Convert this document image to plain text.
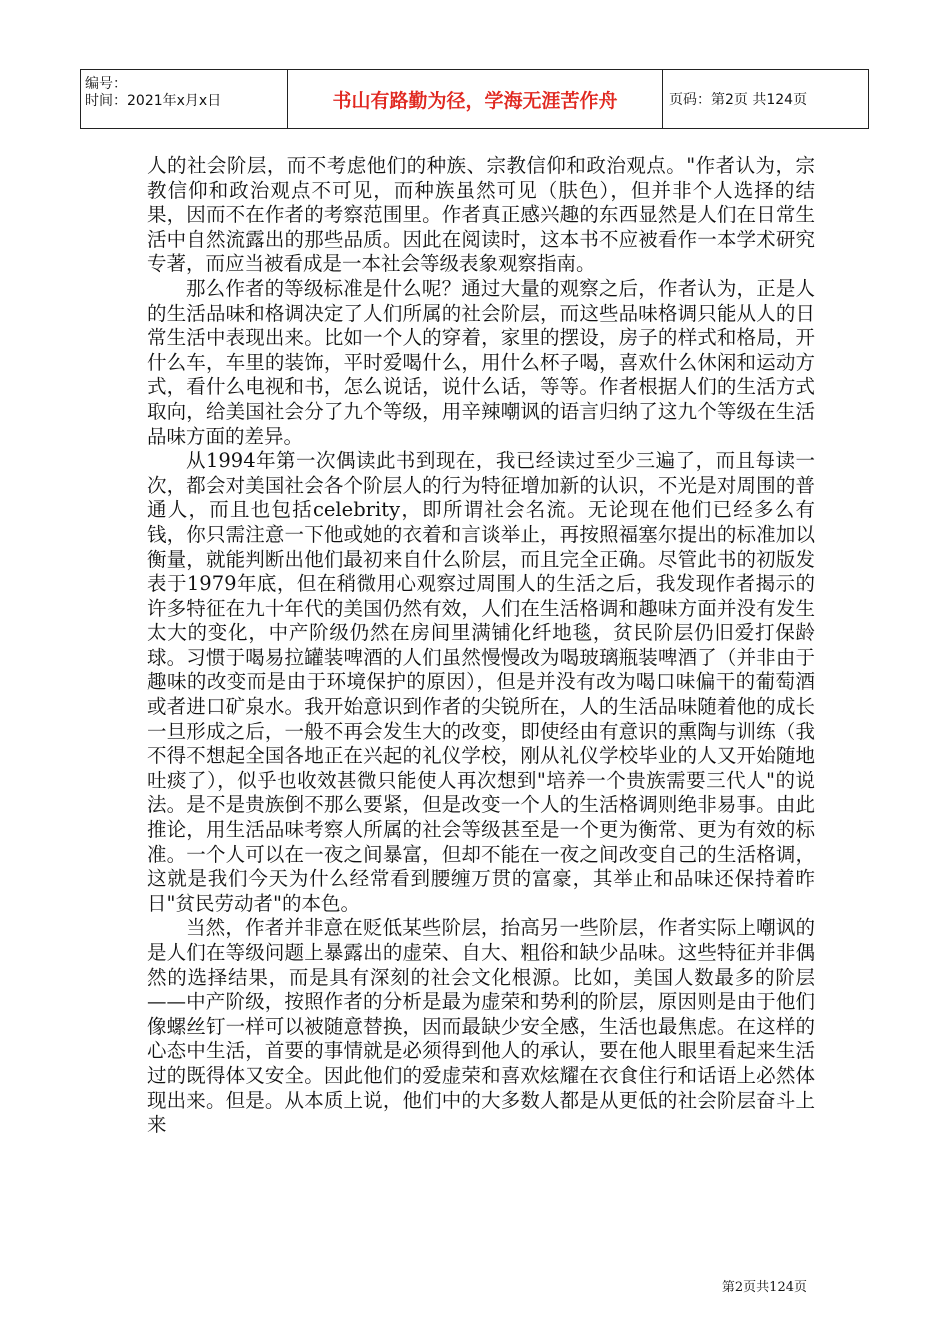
编号：
时间：2021年x月x日	书山有路勤为径，学海无涯苦作舟	页码：第2页 共124页

人的社会阶层，而不考虑他们的种族、宗教信仰和政治观点。"作者认为，宗教信仰和政治观点不可见，而种族虽然可见（肤色），但并非个人选择的结果，因而不在作者的考察范围里。作者真正感兴趣的东西显然是人们在日常生活中自然流露出的那些品质。因此在阅读时，这本书不应被看作一本学术研究专著，而应当被看成是一本社会等级表象观察指南。

那么作者的等级标准是什么呢？通过大量的观察之后，作者认为，正是人的生活品味和格调决定了人们所属的社会阶层，而这些品味格调只能从人的日常生活中表现出来。比如一个人的穿着，家里的摆设，房子的样式和格局，开什么车，车里的装饰，平时爱喝什么，用什么杯子喝，喜欢什么休闲和运动方式，看什么电视和书，怎么说话，说什么话，等等。作者根据人们的生活方式取向，给美国社会分了九个等级，用辛辣嘲讽的语言归纳了这九个等级在生活品味方面的差异。

从1994年第一次偶读此书到现在，我已经读过至少三遍了，而且每读一次，都会对美国社会各个阶层人的行为特征增加新的认识，不光是对周围的普通人，而且也包括celebrity，即所谓社会名流。无论现在他们已经多么有钱，你只需注意一下他或她的衣着和言谈举止，再按照福塞尔提出的标准加以衡量，就能判断出他们最初来自什么阶层，而且完全正确。尽管此书的初版发表于1979年底，但在稍微用心观察过周围人的生活之后，我发现作者揭示的许多特征在九十年代的美国仍然有效，人们在生活格调和趣味方面并没有发生太大的变化，中产阶级仍然在房间里满铺化纤地毯，贫民阶层仍旧爱打保龄球。习惯于喝易拉罐装啤酒的人们虽然慢慢改为喝玻璃瓶装啤酒了（并非由于趣味的改变而是由于环境保护的原因），但是并没有改为喝口味偏干的葡萄酒或者进口矿泉水。我开始意识到作者的尖锐所在，人的生活品味随着他的成长一旦形成之后，一般不再会发生大的改变，即使经由有意识的熏陶与训练（我不得不想起全国各地正在兴起的礼仪学校，刚从礼仪学校毕业的人又开始随地吐痰了），似乎也收效甚微只能使人再次想到"培养一个贵族需要三代人"的说法。是不是贵族倒不那么要紧，但是改变一个人的生活格调则绝非易事。由此推论，用生活品味考察人所属的社会等级甚至是一个更为衡常、更为有效的标准。一个人可以在一夜之间暴富，但却不能在一夜之间改变自己的生活格调，这就是我们今天为什么经常看到腰缠万贯的富豪，其举止和品味还保持着昨日"贫民劳动者"的本色。

当然，作者并非意在贬低某些阶层，抬高另一些阶层，作者实际上嘲讽的是人们在等级问题上暴露出的虚荣、自大、粗俗和缺少品味。这些特征并非偶然的选择结果，而是具有深刻的社会文化根源。比如，美国人数最多的阶层——中产阶级，按照作者的分析是最为虚荣和势利的阶层，原因则是由于他们像螺丝钉一样可以被随意替换，因而最缺少安全感，生活也最焦虑。在这样的心态中生活，首要的事情就是必须得到他人的承认，要在他人眼里看起来生活过的既得体又安全。因此他们的爱虚荣和喜欢炫耀在衣食住行和话语上必然体现出来。但是。从本质上说，他们中的大多数人都是从更低的社会阶层奋斗上来

第2页共124页
